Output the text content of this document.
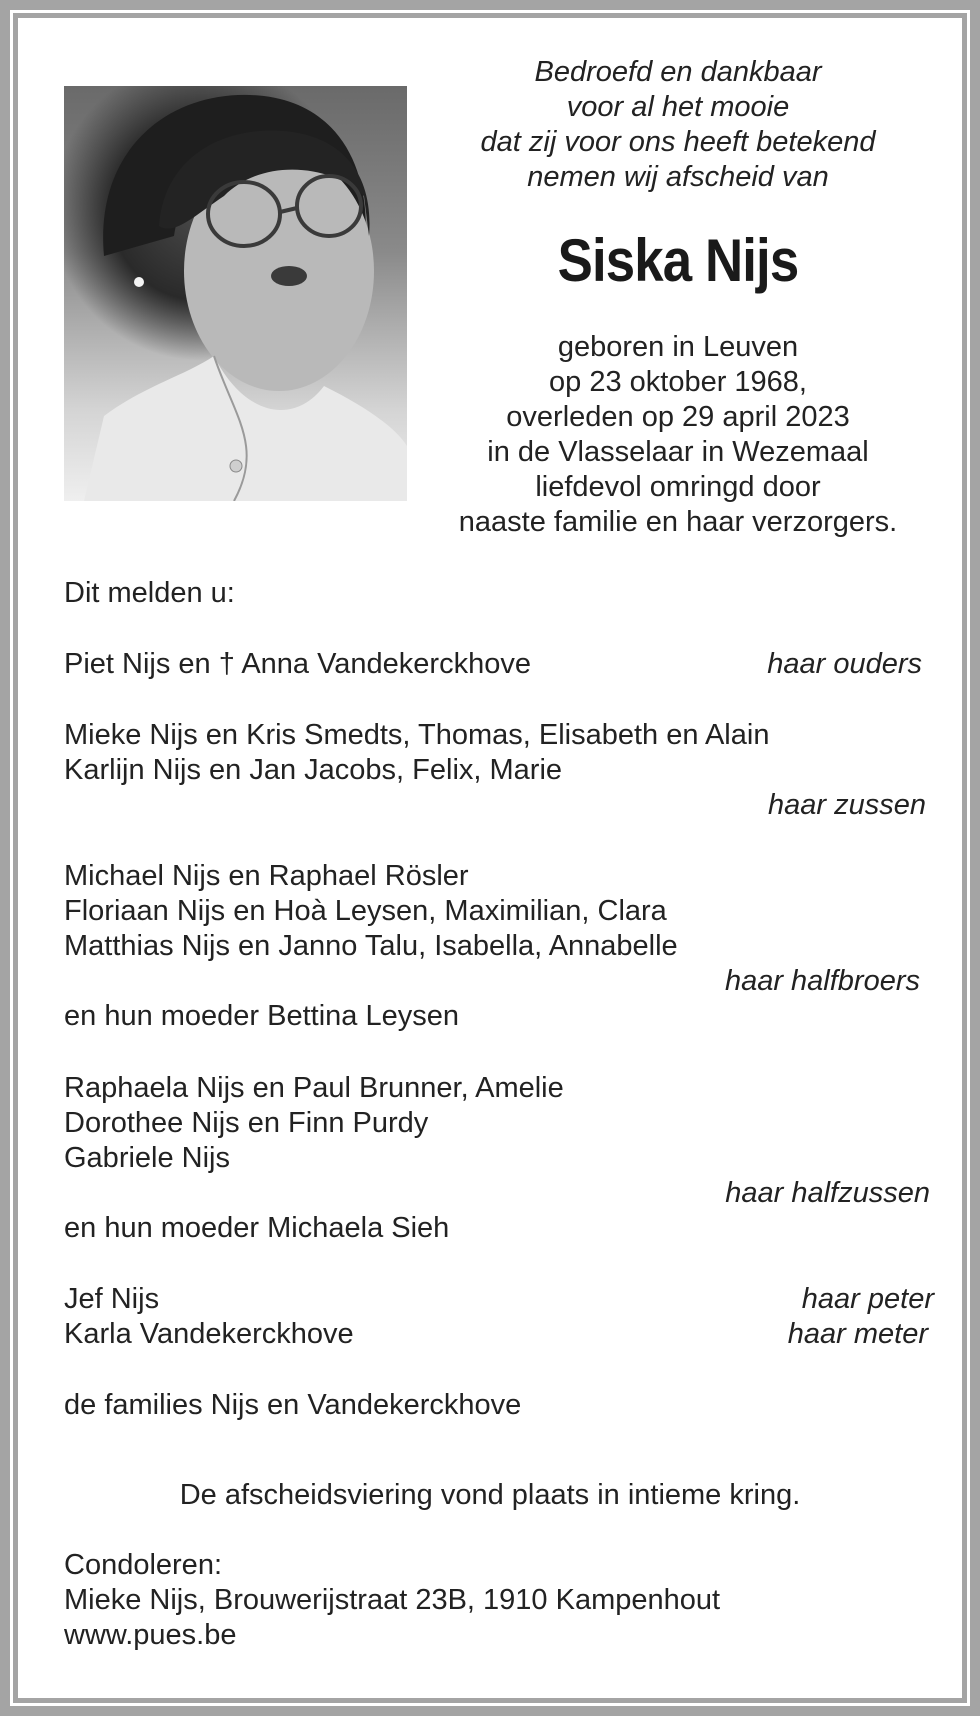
Bedroefd en dankbaar
voor al het mooie
dat zij voor ons heeft betekend
nemen wij afscheid van
Siska Nijs
geboren in Leuven
op 23 oktober 1968,
overleden op 29 april 2023
in de Vlasselaar in Wezemaal
liefdevol omringd door
naaste familie en haar verzorgers.
Dit melden u:
Piet Nijs en † Anna Vandekerckhove	haar ouders
Mieke Nijs en Kris Smedts, Thomas, Elisabeth en Alain
Karlijn Nijs en Jan Jacobs, Felix, Marie
haar zussen
Michael Nijs en Raphael Rösler
Floriaan Nijs en Hoà Leysen, Maximilian, Clara
Matthias Nijs en Janno Talu, Isabella, Annabelle
haar halfbroers
en hun moeder Bettina Leysen
Raphaela Nijs en Paul Brunner, Amelie
Dorothee Nijs en Finn Purdy
Gabriele Nijs
haar halfzussen
en hun moeder Michaela Sieh
Jef Nijs	haar peter
Karla Vandekerckhove	haar meter
de families Nijs en Vandekerckhove
De afscheidsviering vond plaats in intieme kring.
Condoleren:
Mieke Nijs, Brouwerijstraat 23B, 1910 Kampenhout
www.pues.be
